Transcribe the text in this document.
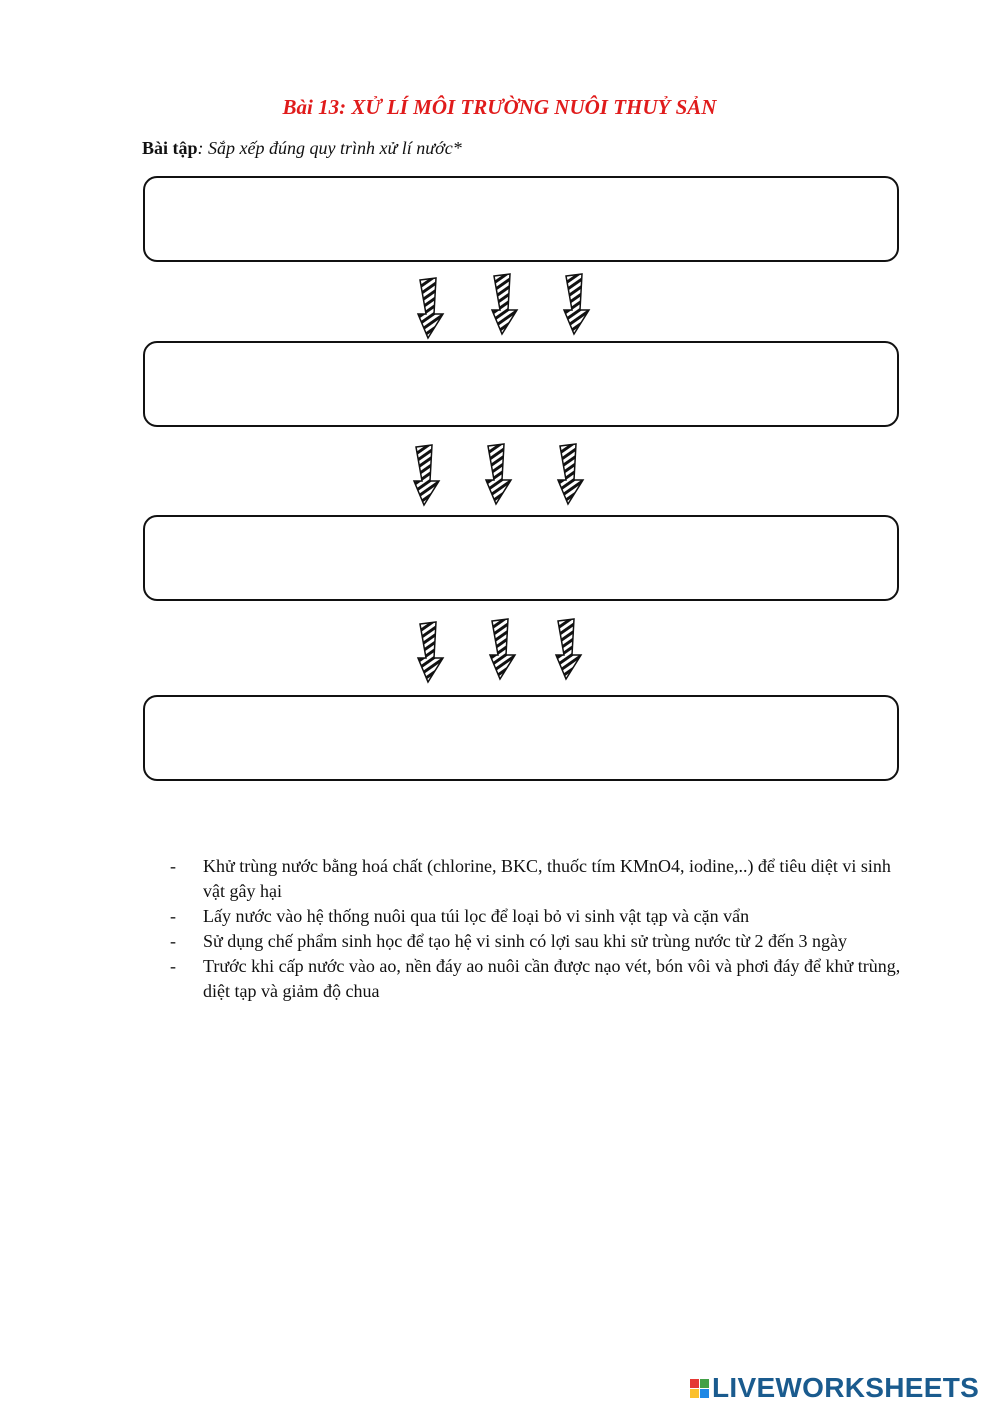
Bài 13: XỬ LÍ MÔI TRƯỜNG NUÔI THUỶ SẢN
Bài tập: Sắp xếp đúng quy trình xử lí nước*
-	Khử trùng nước bằng hoá chất (chlorine, BKC, thuốc tím KMnO4, iodine,..) để tiêu diệt vi sinh vật gây hại
-	Lấy nước vào hệ thống nuôi qua túi lọc để loại bỏ vi sinh vật tạp và cặn vẩn
-	Sử dụng chế phẩm sinh học để tạo hệ vi sinh có lợi sau khi sử trùng nước từ 2 đến 3 ngày
-	Trước khi cấp nước vào ao, nền đáy ao nuôi cần được nạo vét, bón vôi và phơi đáy để khử trùng, diệt tạp và giảm độ chua
LIVEWORKSHEETS
